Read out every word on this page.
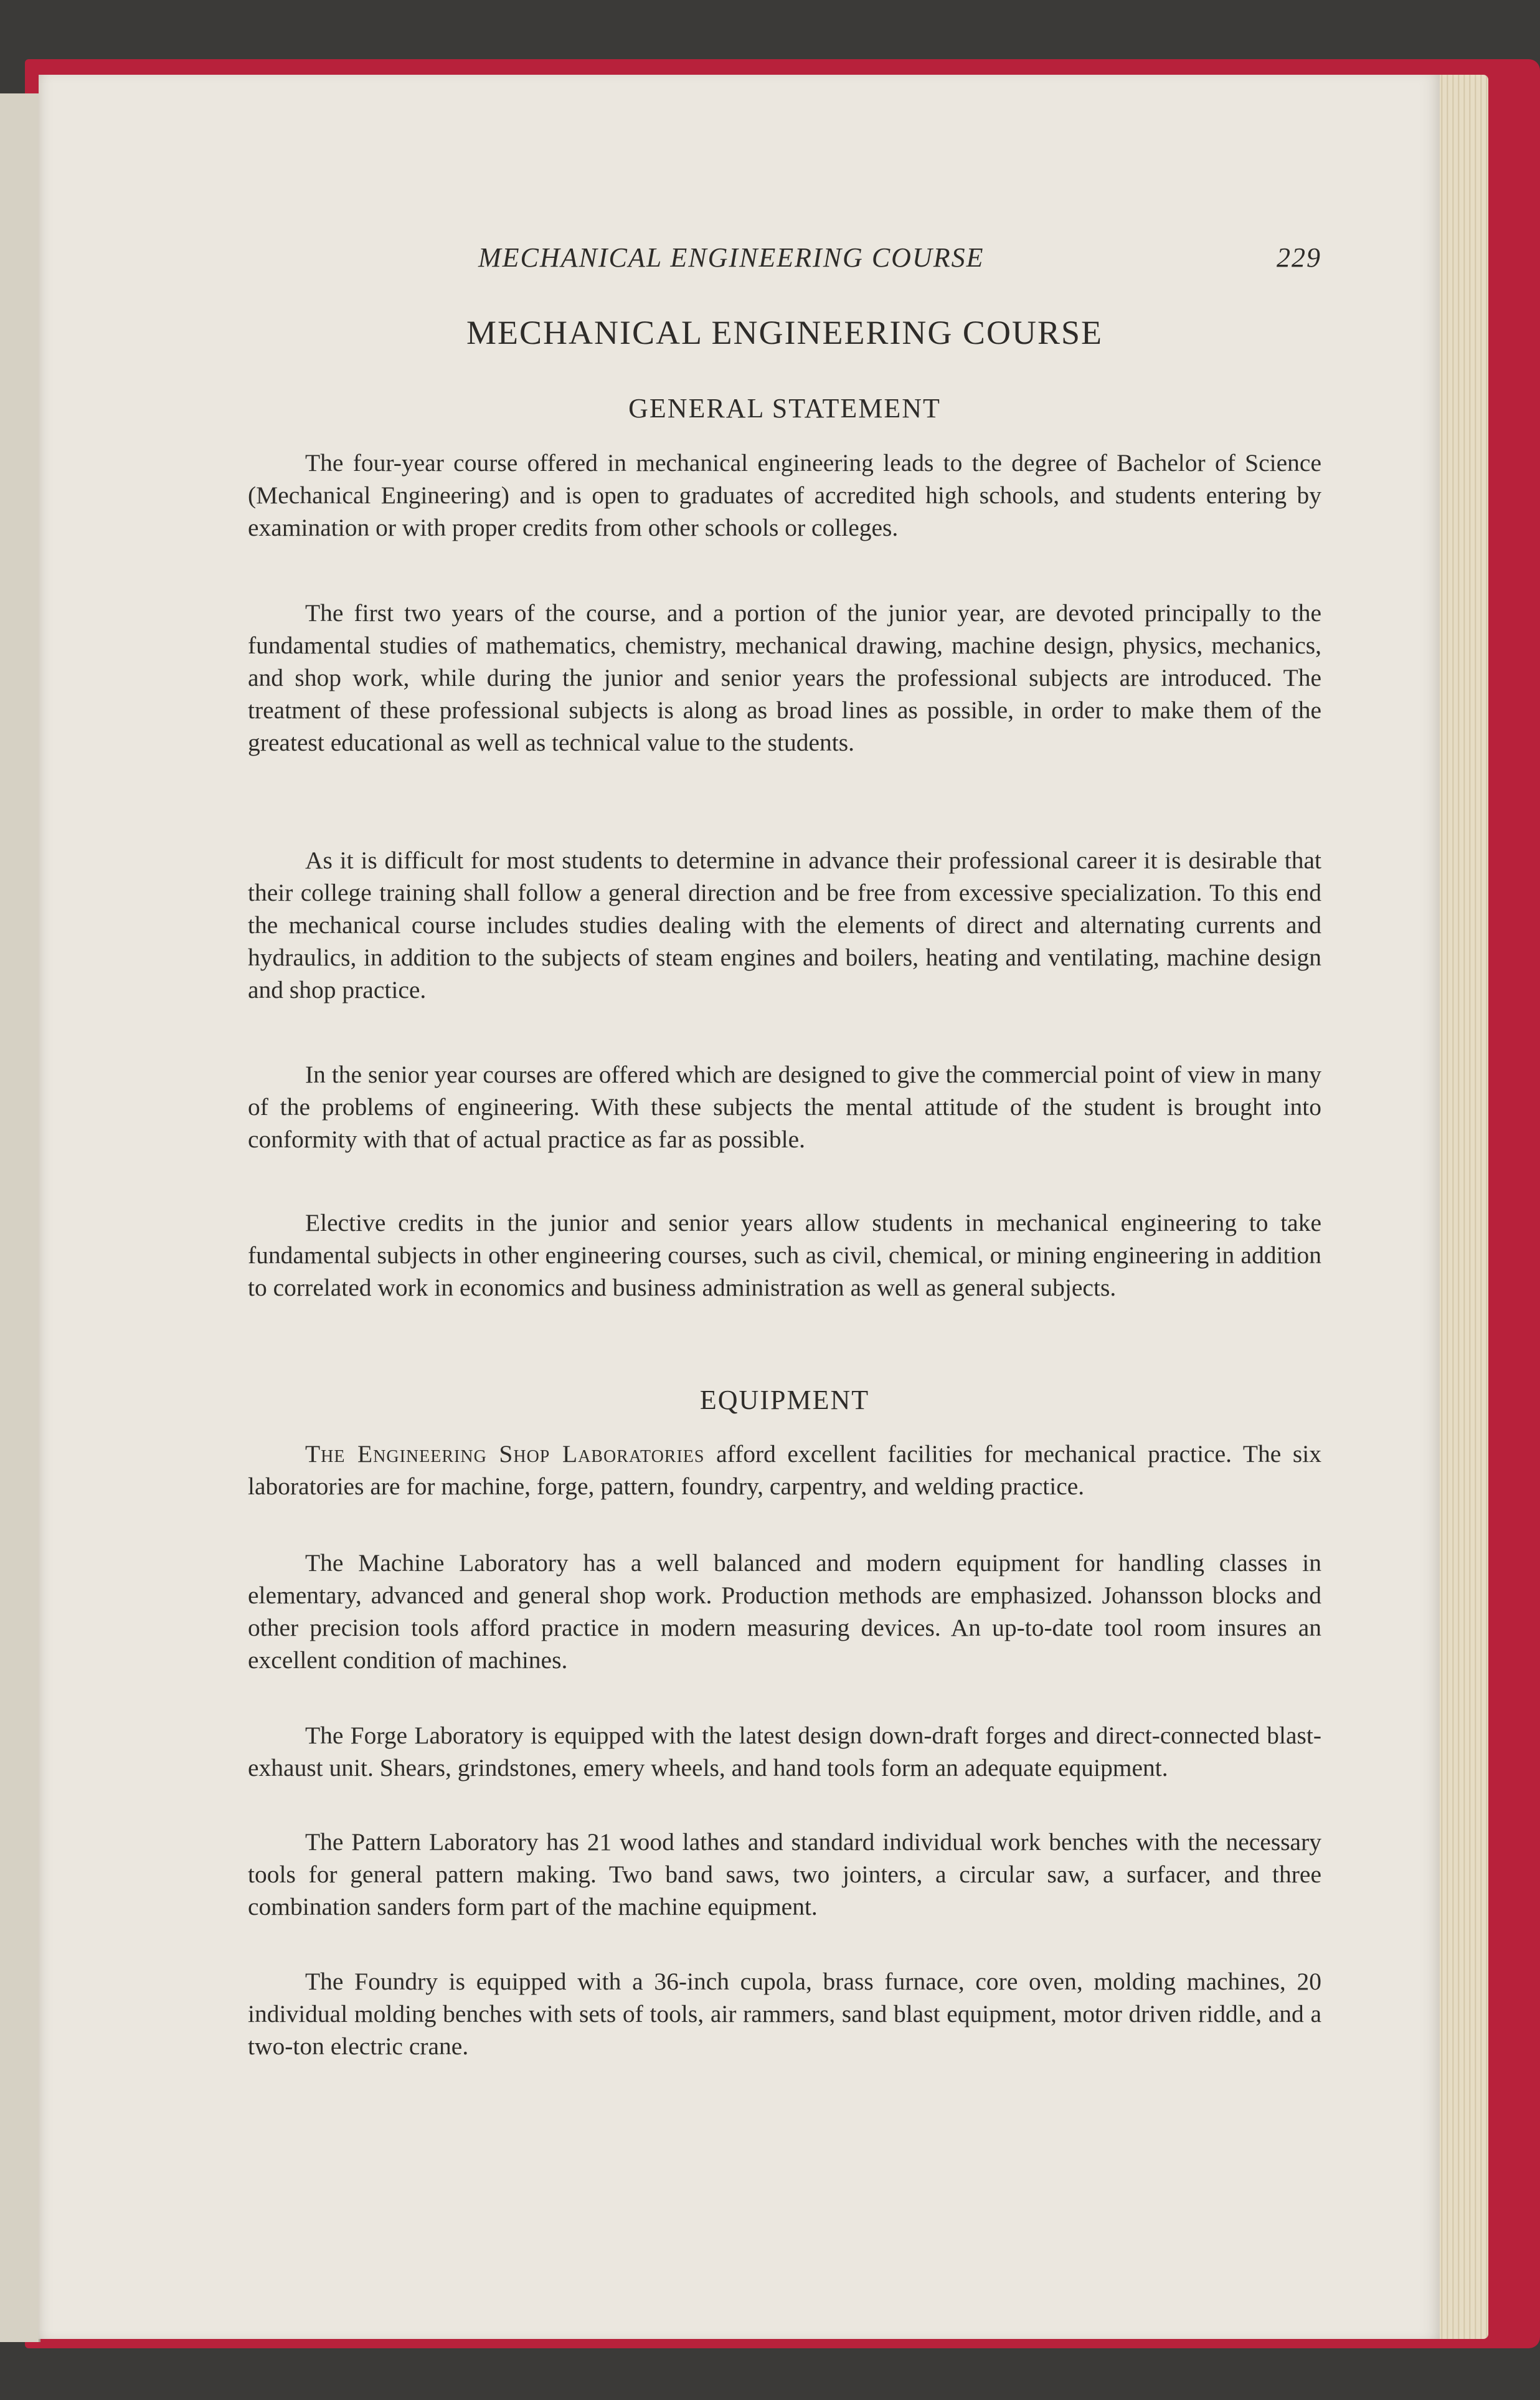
MECHANICAL ENGINEERING COURSE	229
MECHANICAL ENGINEERING COURSE
GENERAL STATEMENT

The four-year course offered in mechanical engineering leads to the degree of Bachelor of Science (Mechanical Engineering) and is open to graduates of accredited high schools, and students entering by examination or with proper credits from other schools or colleges.

The first two years of the course, and a portion of the junior year, are devoted principally to the fundamental studies of mathematics, chemistry, mechanical drawing, machine design, physics, mechanics, and shop work, while during the junior and senior years the professional subjects are introduced. The treatment of these professional subjects is along as broad lines as possible, in order to make them of the greatest educational as well as technical value to the students.

As it is difficult for most students to determine in advance their professional career it is desirable that their college training shall follow a general direction and be free from excessive specialization. To this end the mechanical course includes studies dealing with the elements of direct and alternating currents and hydraulics, in addition to the subjects of steam engines and boilers, heating and ventilating, machine design and shop practice.

In the senior year courses are offered which are designed to give the commercial point of view in many of the problems of engineering. With these subjects the mental attitude of the student is brought into conformity with that of actual practice as far as possible.

Elective credits in the junior and senior years allow students in mechanical engineering to take fundamental subjects in other engineering courses, such as civil, chemical, or mining engineering in addition to correlated work in economics and business administration as well as general subjects.

EQUIPMENT

The Engineering Shop Laboratories afford excellent facilities for mechanical practice. The six laboratories are for machine, forge, pattern, foundry, carpentry, and welding practice.

The Machine Laboratory has a well balanced and modern equipment for handling classes in elementary, advanced and general shop work. Production methods are emphasized. Johansson blocks and other precision tools afford practice in modern measuring devices. An up-to-date tool room insures an excellent condition of machines.

The Forge Laboratory is equipped with the latest design down-draft forges and direct-connected blast-exhaust unit. Shears, grindstones, emery wheels, and hand tools form an adequate equipment.

The Pattern Laboratory has 21 wood lathes and standard individual work benches with the necessary tools for general pattern making. Two band saws, two jointers, a circular saw, a surfacer, and three combination sanders form part of the machine equipment.

The Foundry is equipped with a 36-inch cupola, brass furnace, core oven, molding machines, 20 individual molding benches with sets of tools, air rammers, sand blast equipment, motor driven riddle, and a two-ton electric crane.
